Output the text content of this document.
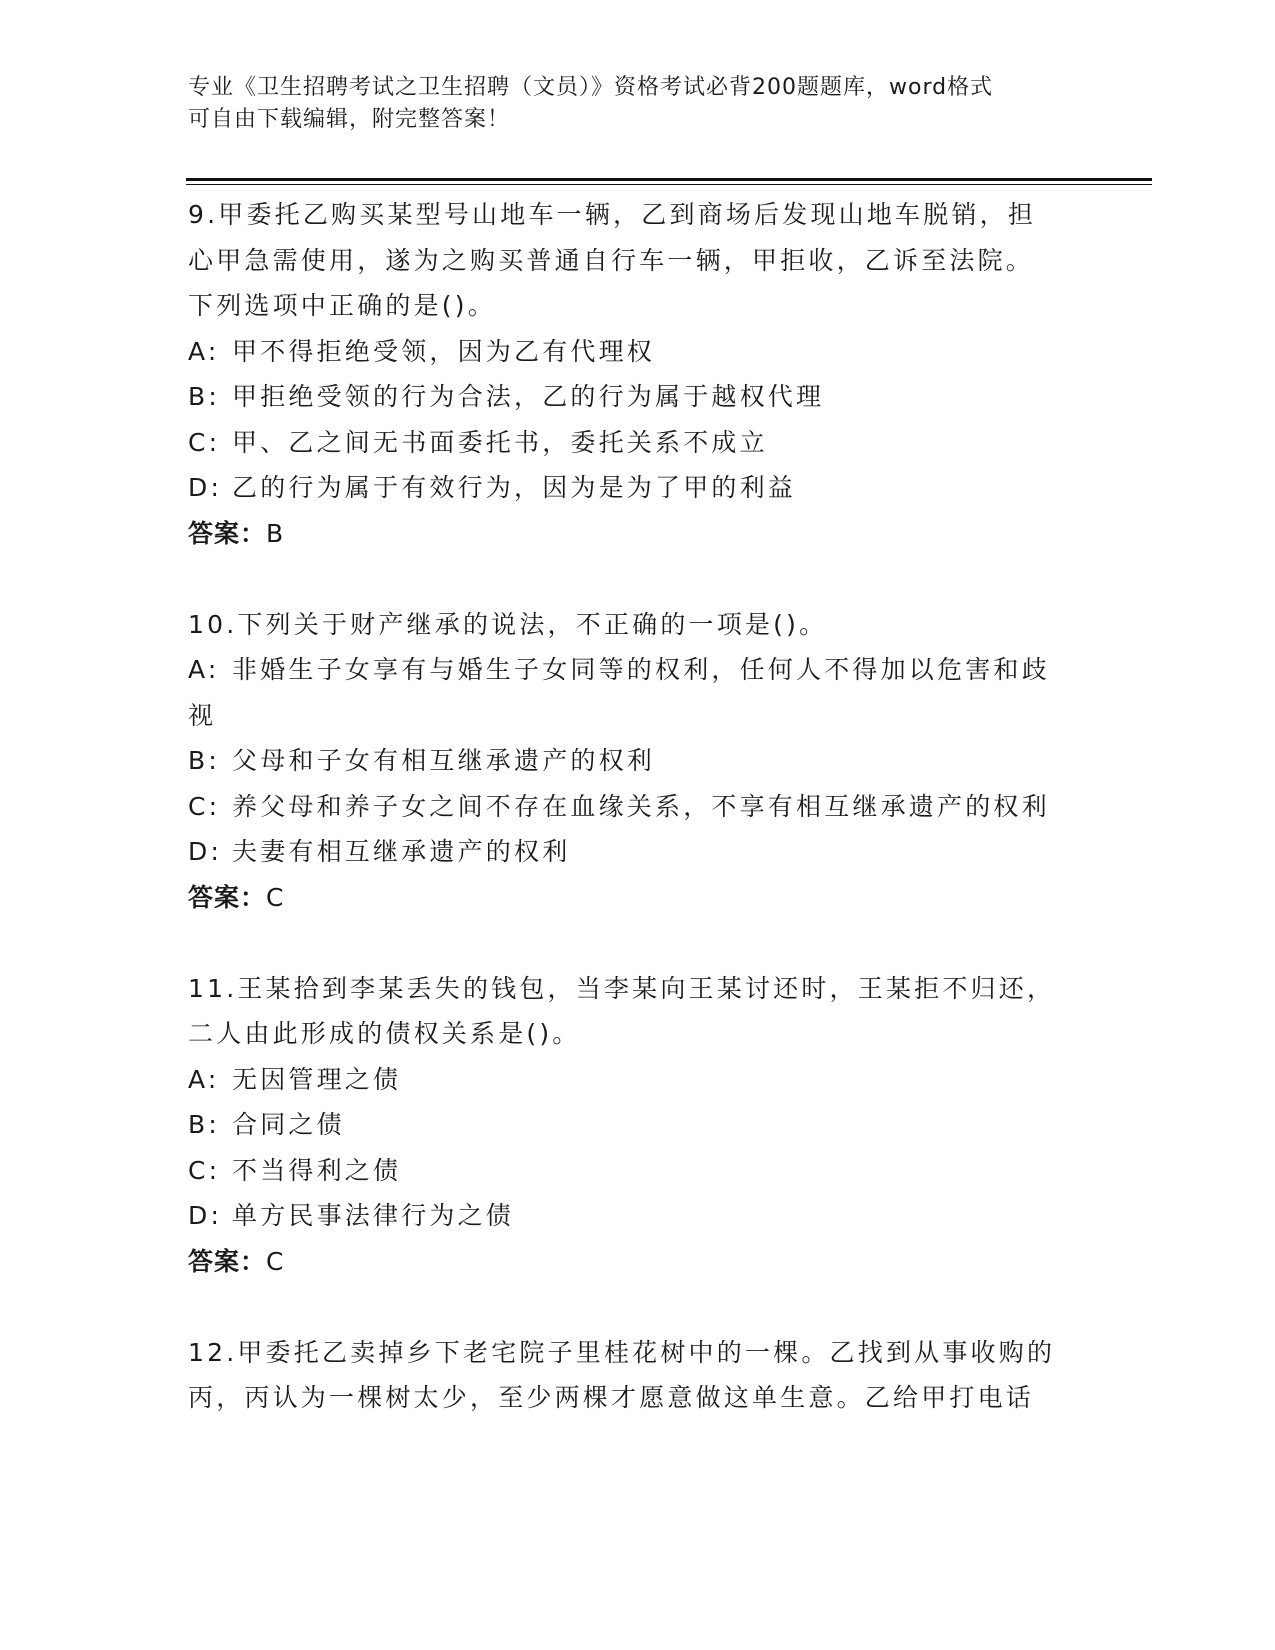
专业《卫生招聘考试之卫生招聘（文员）》资格考试必背200题题库，word格式
可自由下载编辑，附完整答案！
9.甲委托乙购买某型号山地车一辆，乙到商场后发现山地车脱销，担
心甲急需使用，遂为之购买普通自行车一辆，甲拒收，乙诉至法院。
下列选项中正确的是()。
A: 甲不得拒绝受领，因为乙有代理权
B: 甲拒绝受领的行为合法，乙的行为属于越权代理
C: 甲、乙之间无书面委托书，委托关系不成立
D: 乙的行为属于有效行为，因为是为了甲的利益
答案：B
10.下列关于财产继承的说法，不正确的一项是()。
A: 非婚生子女享有与婚生子女同等的权利，任何人不得加以危害和歧
视
B: 父母和子女有相互继承遗产的权利
C: 养父母和养子女之间不存在血缘关系，不享有相互继承遗产的权利
D: 夫妻有相互继承遗产的权利
答案：C
11.王某拾到李某丢失的钱包，当李某向王某讨还时，王某拒不归还，
二人由此形成的债权关系是()。
A: 无因管理之债
B: 合同之债
C: 不当得利之债
D: 单方民事法律行为之债
答案：C
12.甲委托乙卖掉乡下老宅院子里桂花树中的一棵。乙找到从事收购的
丙，丙认为一棵树太少，至少两棵才愿意做这单生意。乙给甲打电话
